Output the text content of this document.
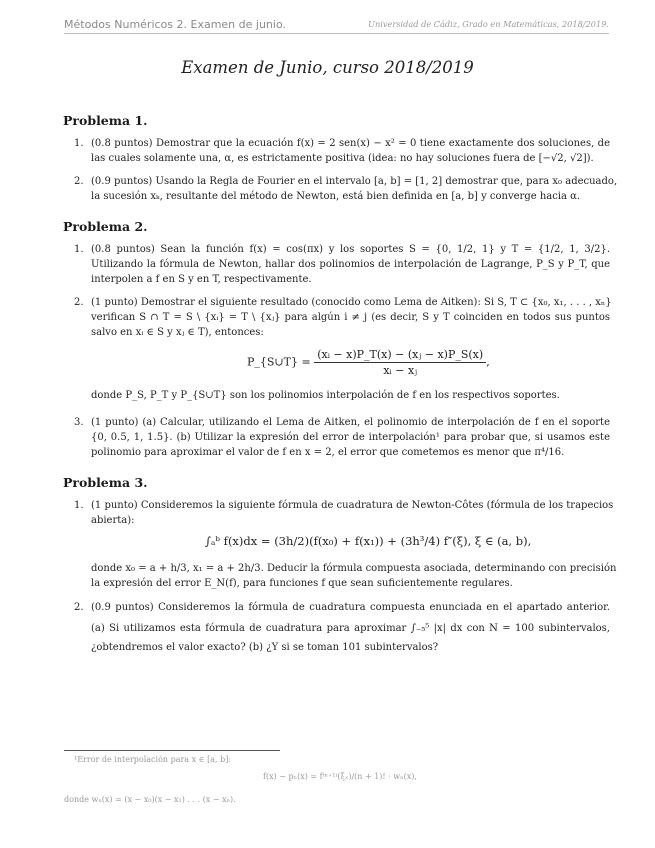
Métodos Numéricos 2. Examen de junio.	Universidad de Cádiz, Grado en Matemáticas, 2018/2019.
Examen de Junio, curso 2018/2019
Problema 1.
1. (0.8 puntos) Demostrar que la ecuación f(x) = 2 sen(x) − x² = 0 tiene exactamente dos soluciones, de
las cuales solamente una, α, es estrictamente positiva (idea: no hay soluciones fuera de [−√2, √2]).
2. (0.9 puntos) Usando la Regla de Fourier en el intervalo [a, b] = [1, 2] demostrar que, para x₀ adecuado,
la sucesión xₖ, resultante del método de Newton, está bien definida en [a, b] y converge hacia α.
Problema 2.
1. (0.8 puntos) Sean la función f(x) = cos(πx) y los soportes S = {0, 1/2, 1} y T = {1/2, 1, 3/2}.
Utilizando la fórmula de Newton, hallar dos polinomios de interpolación de Lagrange, P_S y P_T, que
interpolen a f en S y en T, respectivamente.
2. (1 punto) Demostrar el siguiente resultado (conocido como Lema de Aitken): Si S, T ⊂ {x₀, x₁, . . . , xₙ}
verifican S ∩ T = S \ {xᵢ} = T \ {xⱼ} para algún i ≠ j (es decir, S y T coinciden en todos sus puntos
salvo en xᵢ ∈ S y xⱼ ∈ T), entonces:
P_{S∪T} = $\frac{\text{(xᵢ − x)P\_T(x) − (xⱼ − x)P\_S(x)}}{\text{xᵢ − xⱼ}}$ ,
donde P_S, P_T y P_{S∪T} son los polinomios interpolación de f en los respectivos soportes.
3. (1 punto) (a) Calcular, utilizando el Lema de Aitken, el polinomio de interpolación de f en el soporte
{0, 0.5, 1, 1.5}. (b) Utilizar la expresión del error de interpolación¹ para probar que, si usamos este
polinomio para aproximar el valor de f en x = 2, el error que cometemos es menor que π⁴/16.
Problema 3.
1. (1 punto) Consideremos la siguiente fórmula de cuadratura de Newton-Côtes (fórmula de los trapecios
abierta):
∫ₐᵇ f(x)dx = (3h/2)(f(x₀) + f(x₁)) + (3h³/4) f″(ξ), ξ ∈ (a, b),
donde x₀ = a + h/3, x₁ = a + 2h/3. Deducir la fórmula compuesta asociada, determinando con precisión
la expresión del error E_N(f), para funciones f que sean suficientemente regulares.
2. (0.9 puntos) Consideremos la fórmula de cuadratura compuesta enunciada en el apartado anterior.
(a) Si utilizamos esta fórmula de cuadratura para aproximar ∫₋₅⁵ |x| dx con N = 100 subintervalos,
¿obtendremos el valor exacto? (b) ¿Y si se toman 101 subintervalos?
¹Error de interpolación para x ∈ [a, b]:
f(x) − pₙ(x) = f⁽ⁿ⁺¹⁾(ξₓ)/(n + 1)! · wₙ(x),
donde wₙ(x) = (x − x₀)(x − x₁) . . . (x − xₙ).
